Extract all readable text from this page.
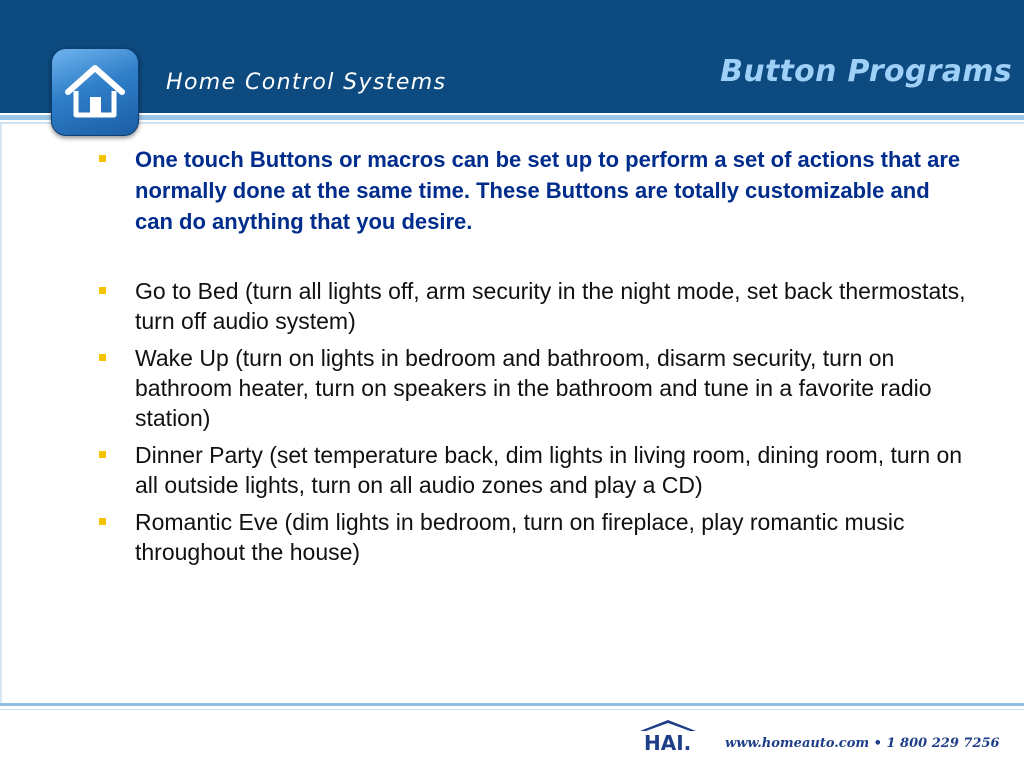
Home Control Systems	Button Programs
One touch Buttons or macros can be set up to perform a set of actions that are normally done at the same time. These Buttons are totally customizable and can do anything that you desire.
Go to Bed (turn all lights off, arm security in the night mode, set back thermostats, turn off audio system)
Wake Up (turn on lights in bedroom and bathroom, disarm security, turn on bathroom heater, turn on speakers in the bathroom and tune in a favorite radio station)
Dinner Party (set temperature back, dim lights in living room, dining room, turn on all outside lights, turn on all audio zones and play a CD)
Romantic Eve (dim lights in bedroom, turn on fireplace, play romantic music throughout the house)
HAI.	www.homeauto.com • 1 800 229 7256
